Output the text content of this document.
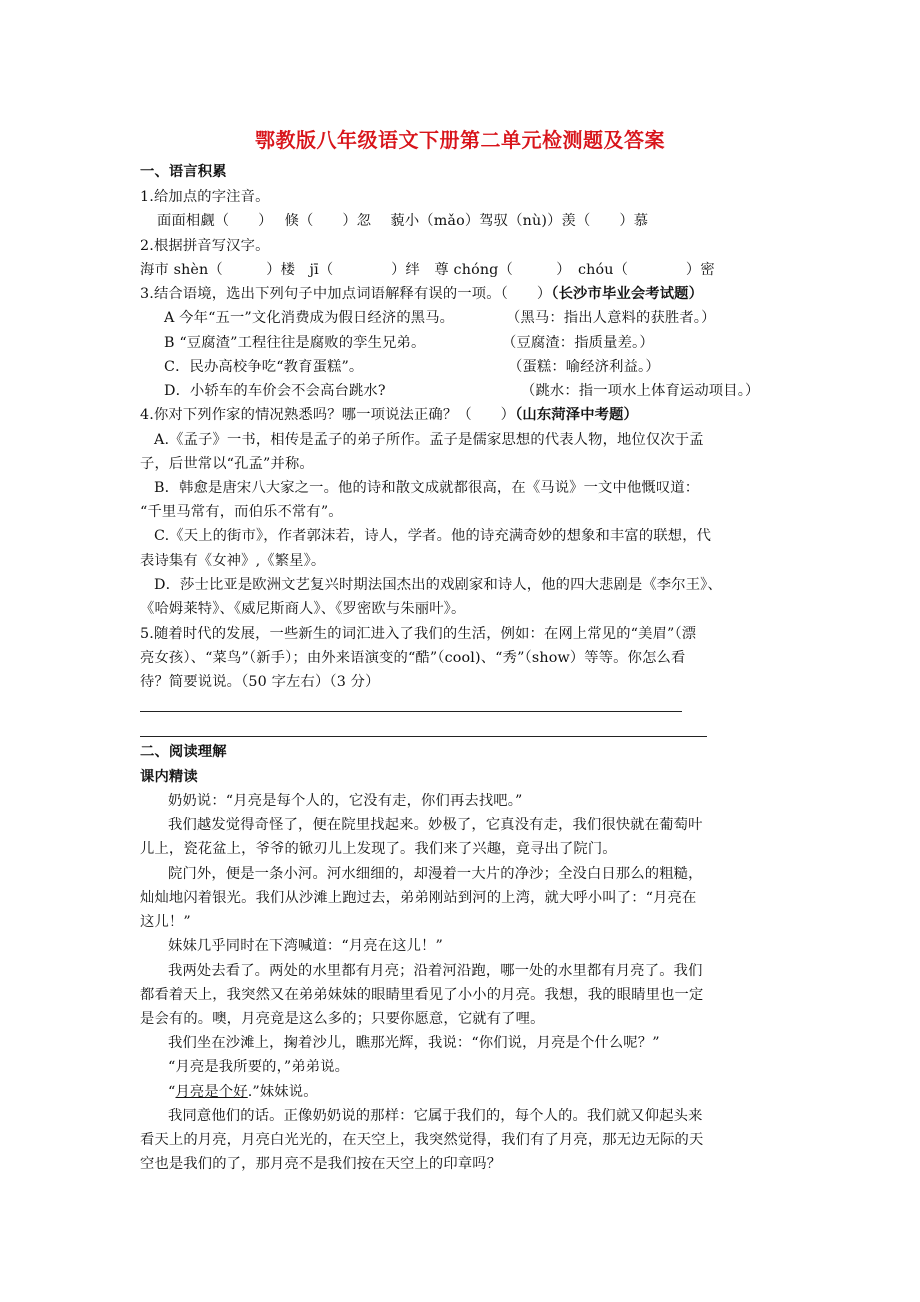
鄂教版八年级语文下册第二单元检测题及答案
一、语言积累
1.给加点的字注音。
面面相觑（　　）　 倏（　　）忽　 藐小（mǎo）驾驭（nù)）羡（　　）慕
2.根据拼音写汉字。
海市 shèn（　　　）楼　jī（　　　　）绊　尊 chóng（　　　）　chóu（　　　　）密
3.结合语境，选出下列句子中加点词语解释有误的一项。（　　）（长沙市毕业会考试题）
A 今年“五一”文化消费成为假日经济的黑马。	（黑马：指出人意料的获胜者。）
B “豆腐渣”工程往往是腐败的孪生兄弟。	（豆腐渣：指质量差。）
C．民办高校争吃“教育蛋糕”。	（蛋糕：喻经济利益。）
D．小轿车的车价会不会高台跳水?	（跳水：指一项水上体育运动项目。）
4.你对下列作家的情况熟悉吗？哪一项说法正确？（　　）（山东菏泽中考题）
A.《孟子》一书，相传是孟子的弟子所作。孟子是儒家思想的代表人物，地位仅次于孟
子，后世常以“孔孟”并称。
B．韩愈是唐宋八大家之一。他的诗和散文成就都很高，在《马说》一文中他慨叹道：
“千里马常有，而伯乐不常有”。
C.《天上的街市》，作者郭沫若，诗人，学者。他的诗充满奇妙的想象和丰富的联想，代
表诗集有《女神》,《繁星》。
D．莎士比亚是欧洲文艺复兴时期法国杰出的戏剧家和诗人，他的四大悲剧是《李尔王》、
《哈姆莱特》、《威尼斯商人》、《罗密欧与朱丽叶》。
5.随着时代的发展，一些新生的词汇进入了我们的生活，例如：在网上常见的“美眉”（漂
亮女孩）、“菜鸟”（新手）；由外来语演变的“酷”（cool)、“秀”（show）等等。你怎么看
待？简要说说。（50 字左右）（3 分）
二、阅读理解
课内精读
奶奶说：“月亮是每个人的，它没有走，你们再去找吧。”
我们越发觉得奇怪了，便在院里找起来。妙极了，它真没有走，我们很快就在葡萄叶
儿上，瓷花盆上，爷爷的锨刃儿上发现了。我们来了兴趣，竟寻出了院门。
院门外，便是一条小河。河水细细的，却漫着一大片的净沙；全没白日那么的粗糙，
灿灿地闪着银光。我们从沙滩上跑过去，弟弟刚站到河的上湾，就大呼小叫了：“月亮在
这儿！”
妹妹几乎同时在下湾喊道：“月亮在这儿！”
我两处去看了。两处的水里都有月亮；沿着河沿跑，哪一处的水里都有月亮了。我们
都看着天上，我突然又在弟弟妹妹的眼睛里看见了小小的月亮。我想，我的眼睛里也一定
是会有的。噢，月亮竟是这么多的；只要你愿意，它就有了哩。
我们坐在沙滩上，掬着沙儿，瞧那光辉，我说：“你们说，月亮是个什么呢？”
“月亮是我所要的，”弟弟说。
“月亮是个好.”妹妹说。
我同意他们的话。正像奶奶说的那样：它属于我们的，每个人的。我们就又仰起头来
看天上的月亮，月亮白光光的，在天空上，我突然觉得，我们有了月亮，那无边无际的天
空也是我们的了，那月亮不是我们按在天空上的印章吗？
